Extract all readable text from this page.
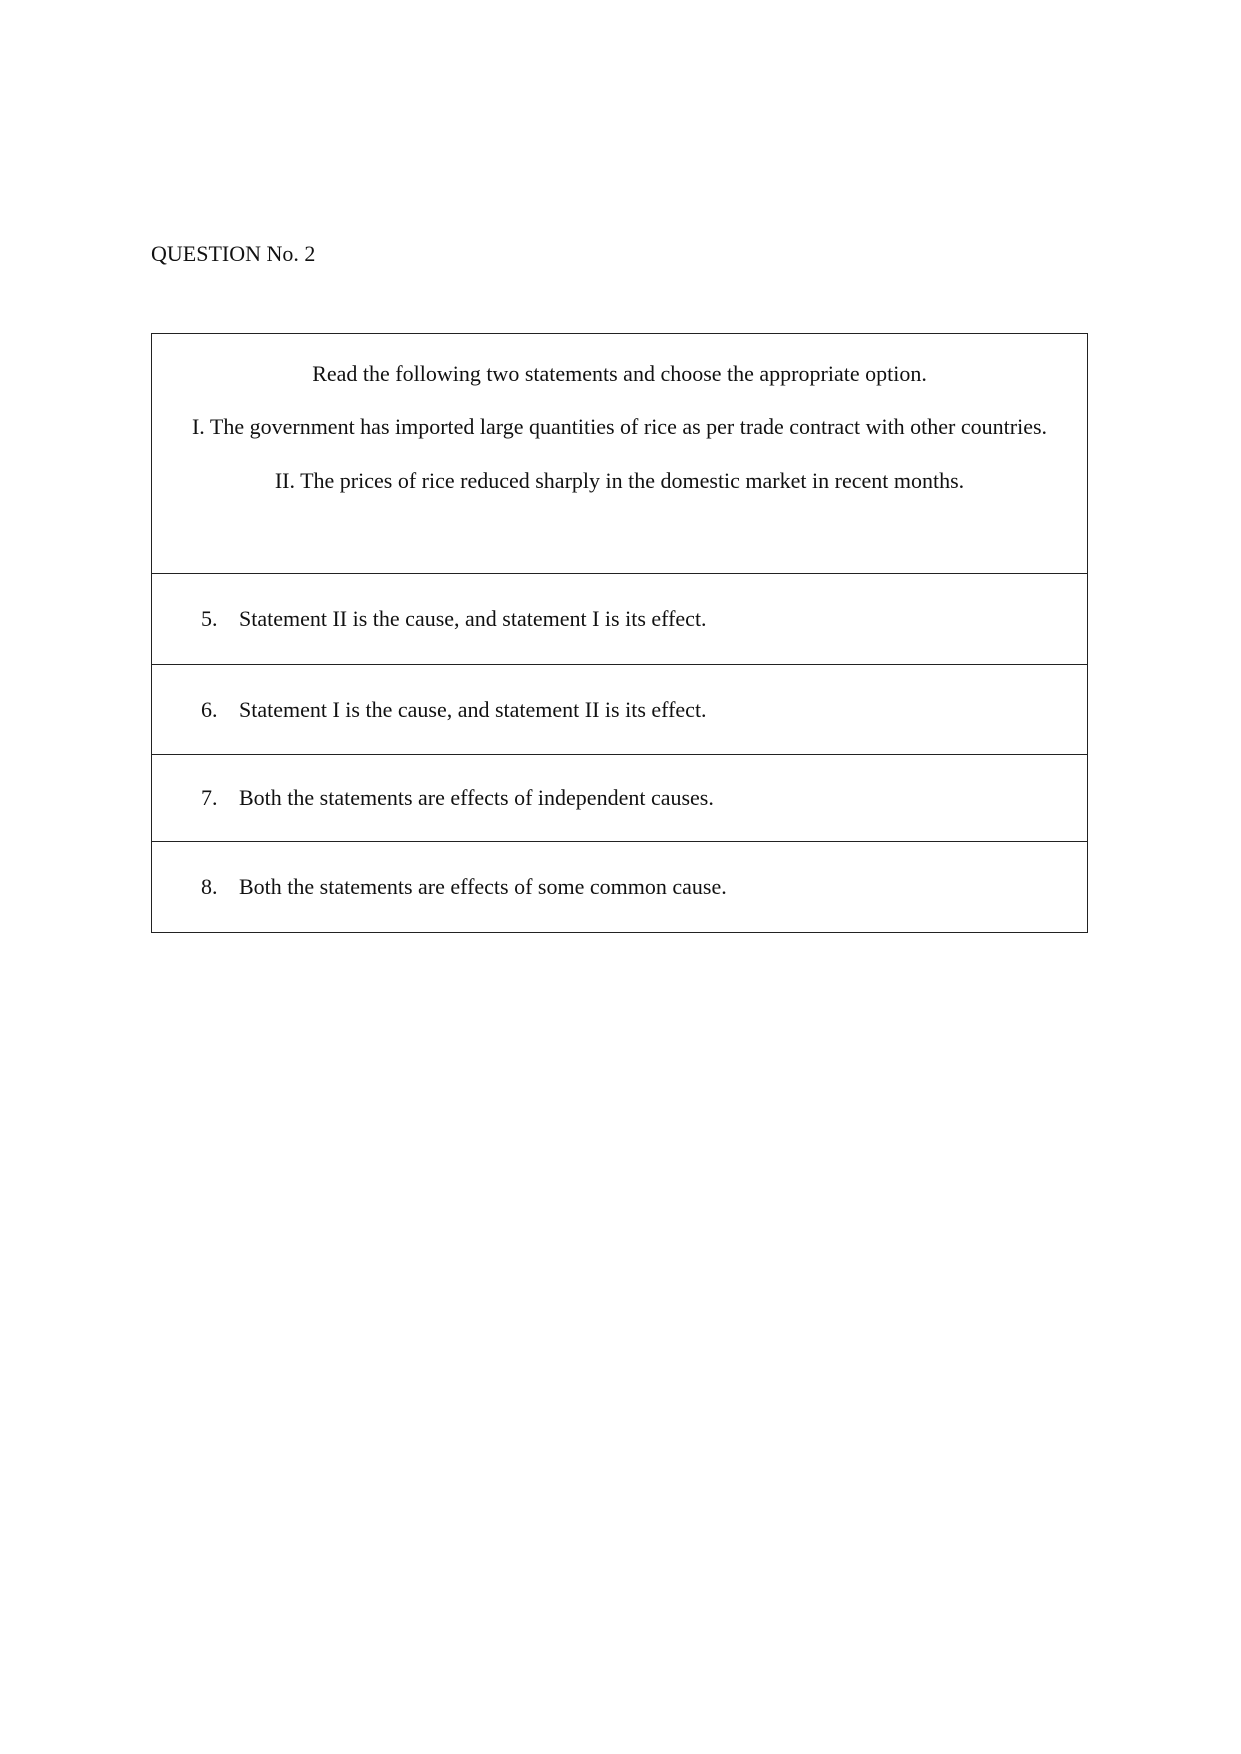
QUESTION No. 2
Read the following two statements and choose the appropriate option.
I. The government has imported large quantities of rice as per trade contract with other countries.
II. The prices of rice reduced sharply in the domestic market in recent months.
5. Statement II is the cause, and statement I is its effect.
6. Statement I is the cause, and statement II is its effect.
7. Both the statements are effects of independent causes.
8. Both the statements are effects of some common cause.
